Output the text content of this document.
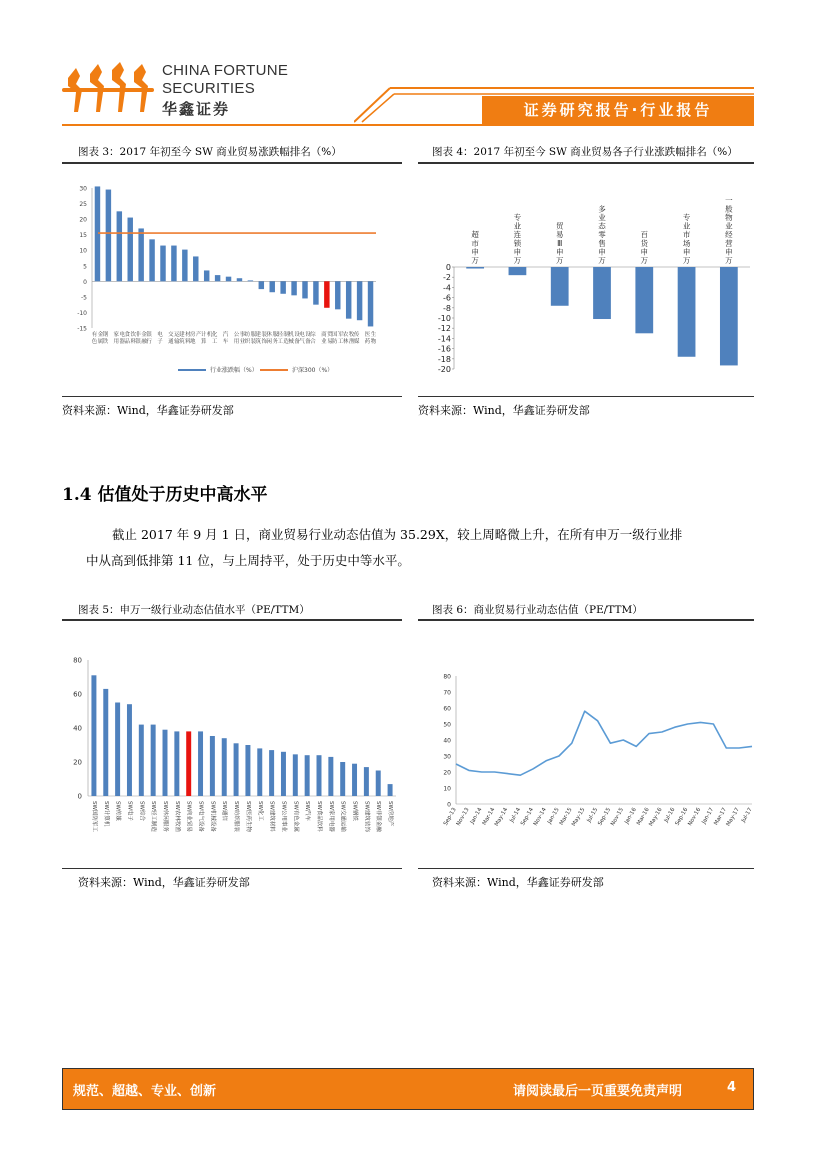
CHINA FORTUNE
SECURITIES
华鑫证券	证券研究报告·行业报告
图表 3：2017 年初至今 SW 商业贸易涨跌幅排名（%）
-15
-10
-5
0
5
10
15
20
25
30
有
色
金
属
钢
铁
家
用
电
器
食
品
饮
料
非
银
金
融
银
行
电
子
交
通
运
输
建
筑
材
料
房
地
产 计
算
机 化
工
汽
车
公
用
事
业
纺
织
服
装
建
筑
装
饰
休
闲
服
务
轻
工
制
造
机
械
设
备
电
气
设
备
综
合
商
业
贸
易
国
防
军
工
农
林
牧
渔
传
媒
医
药
生
物
行业涨跌幅（%）	沪深300（%）
资料来源：Wind，华鑫证券研发部
图表 4：2017 年初至今 SW 商业贸易各子行业涨跌幅排名（%）
0
-2
-4
-6
-8
-10
-12
-14
-16
-18
-20
超
市
申
万
专
业
连
锁
申
万
贸
易
Ⅲ
申
万
多
业
态
零
售
申
万
百
货
申
万
专
业
市
场
申
万
一
般
物
业
经
营
申
万
资料来源：Wind，华鑫证券研发部
1.4 估值处于历史中高水平
截止 2017 年 9 月 1 日，商业贸易行业动态估值为 35.29X，较上周略微上升，在所有申万一级行业排
中从高到低排第 11 位，与上周持平，处于历史中等水平。
图表 5：申万一级行业动态估值水平（PE/TTM）
0
20
40
60
80
SW国防军工	SW计算机	SW传媒	SW电子	SW综合	SW轻工制造	SW休闲服务	SW农林牧渔	SW商业贸易	SW电气设备	SW机械设备	SW通信	SW纺织服装	SW医药生物	SW化工	SW建筑材料	SW公用事业	SW有色金属	SW汽车	SW食品饮料	SW家用电器	SW交通运输	SW钢铁	SW建筑装饰	SW非银金融	SW房地产
资料来源：Wind，华鑫证券研发部
图表 6：商业贸易行业动态估值（PE/TTM）
0
10
20
30
40
50
60
70
80
Sep-13
Nov-13
Jan-14
Mar-14
May-14 Jul-14
Sep-14
Nov-14
Jan-15
Mar-15
May-15 Jul-15
Sep-15
Nov-15
Jan-16
Mar-16
May-16 Jul-16
Sep-16
Nov-16
Jan-17
Mar-17
May-17 Jul-17
资料来源：Wind，华鑫证券研发部
规范、超越、专业、创新	请阅读最后一页重要免责声明	4
